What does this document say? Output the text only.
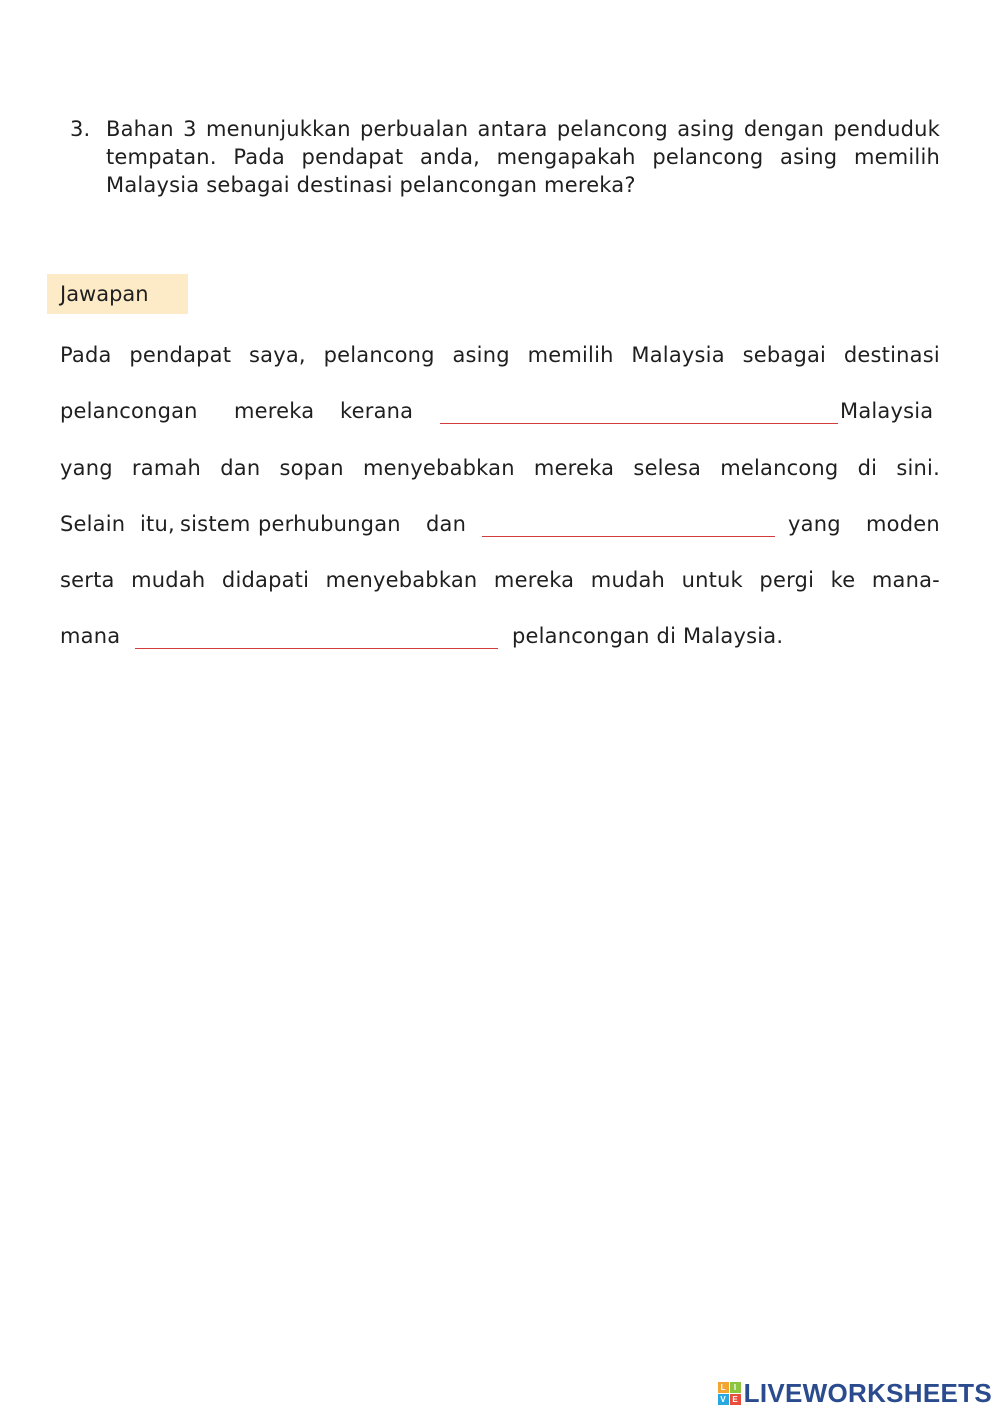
3. Bahan 3 menunjukkan perbualan antara pelancong asing dengan penduduk tempatan. Pada pendapat anda, mengapakah pelancong asing memilih Malaysia sebagai destinasi pelancongan mereka?
Jawapan
Pada pendapat saya, pelancong asing memilih Malaysia sebagai destinasi
pelancongan mereka kerana	Malaysia
yang ramah dan sopan menyebabkan mereka selesa melancong di sini.
Selain itu, sistem perhubungan dan	yang moden
serta mudah didapati menyebabkan mereka mudah untuk pergi ke mana-
mana	pelancongan di Malaysia.
L	I
V E LIVEWORKSHEETS
